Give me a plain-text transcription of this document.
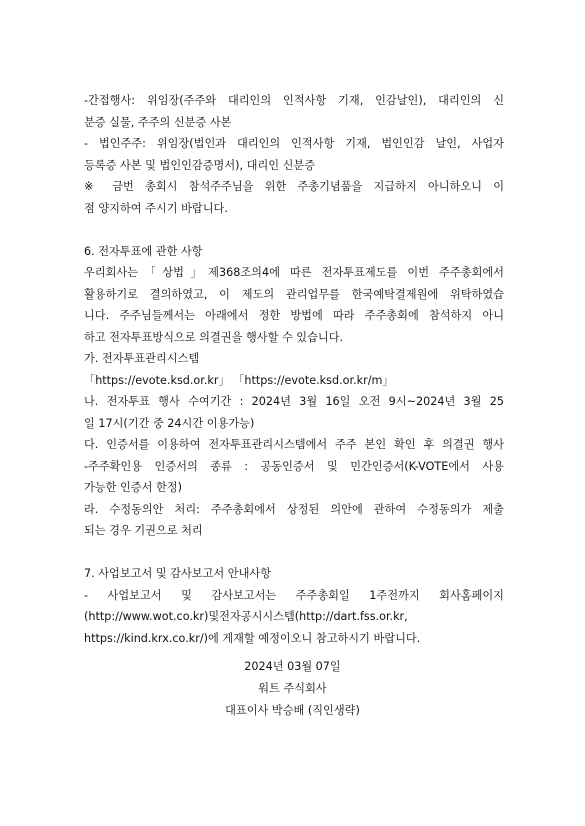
-간접행사: 위임장(주주와 대리인의 인적사항 기재, 인감날인), 대리인의 신
분증 실물, 주주의 신분증 사본
- 법인주주: 위임장(법인과 대리인의 인적사항 기재, 법인인감 날인, 사업자
등록증 사본 및 법인인감증명서), 대리인 신분증
※ 금번 총회시 참석주주님을 위한 주총기념품을 지급하지 아니하오니 이
점 양지하여 주시기 바랍니다.
6. 전자투표에 관한 사항
우리회사는「상법」제368조의4에 따른 전자투표제도를 이번 주주총회에서
활용하기로 결의하였고, 이 제도의 관리업무를 한국예탁결제원에 위탁하였습
니다. 주주님들께서는 아래에서 정한 방법에 따라 주주총회에 참석하지 아니
하고 전자투표방식으로 의결권을 행사할 수 있습니다.
가. 전자투표관리시스템
「https://evote.ksd.or.kr」 「https://evote.ksd.or.kr/m」
나. 전자투표 행사 수여기간 : 2024년 3월 16일 오전 9시~2024년 3월 25
일 17시(기간 중 24시간 이용가능)
다. 인증서를 이용하여 전자투표관리시스템에서 주주 본인 확인 후 의결권 행사
-주주확인용 인증서의 종류 : 공동인증서 및 민간인증서(K-VOTE에서 사용
가능한 인증서 한정)
라. 수정동의안 처리: 주주총회에서 상정된 의안에 관하여 수정동의가 제출
되는 경우 기권으로 처리
7. 사업보고서 및 감사보고서 안내사항
- 사업보고서 및 감사보고서는 주주총회일 1주전까지 회사홈페이지
(http://www.wot.co.kr)및전자공시시스템(http://dart.fss.or.kr,
https://kind.krx.co.kr/)에 게재할 예정이오니 참고하시기 바랍니다.
2024년 03월 07일
워트 주식회사
대표이사 박승배 (직인생략)
